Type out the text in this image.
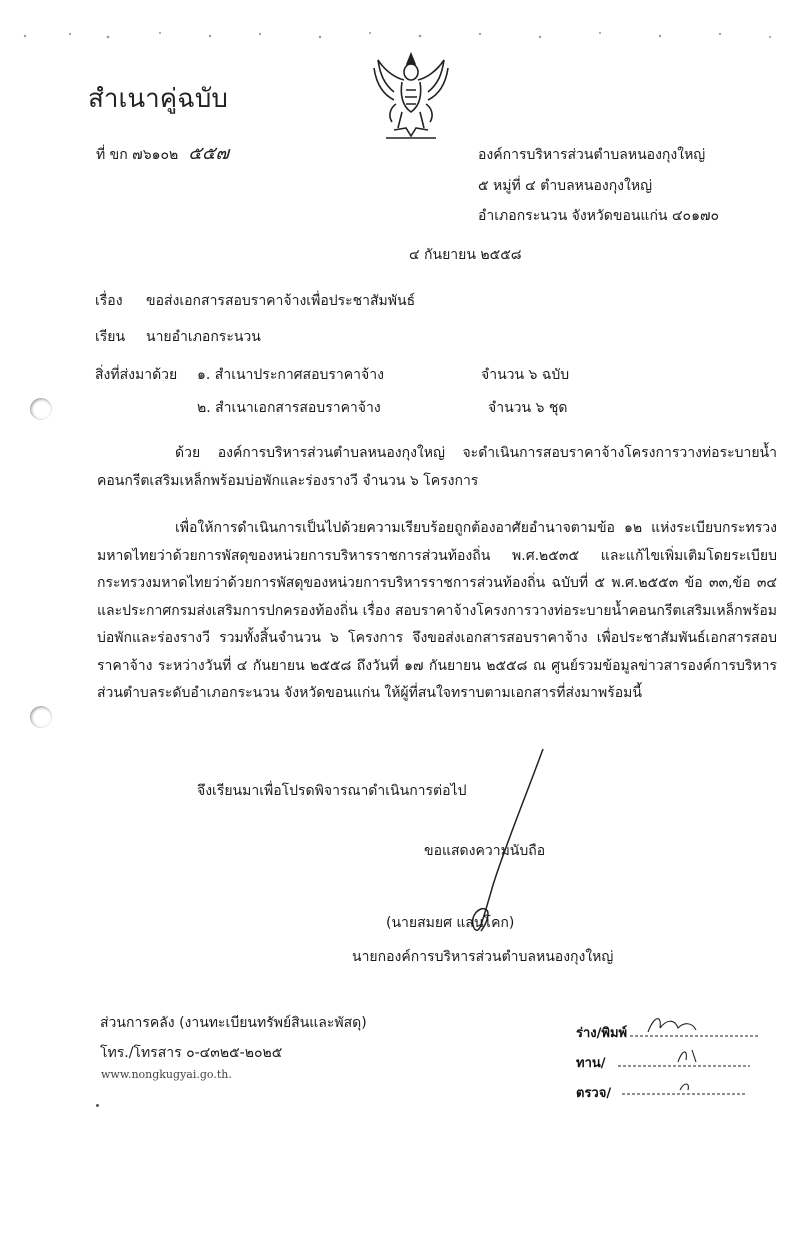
สำเนาคู่ฉบับ
ที่ ขก ๗๖๑๐๒ ๕๕๗	องค์การบริหารส่วนตำบลหนองกุงใหญ่
๕ หมู่ที่ ๔ ตำบลหนองกุงใหญ่
อำเภอกระนวน จังหวัดขอนแก่น ๔๐๑๗๐
๔ กันยายน ๒๕๕๘
เรื่อง ขอส่งเอกสารสอบราคาจ้างเพื่อประชาสัมพันธ์
เรียน นายอำเภอกระนวน
สิ่งที่ส่งมาด้วย ๑. สำเนาประกาศสอบราคาจ้าง	จำนวน ๖ ฉบับ
๒. สำเนาเอกสารสอบราคาจ้าง	จำนวน ๖ ชุด
ด้วย องค์การบริหารส่วนตำบลหนองกุงใหญ่ จะดำเนินการสอบราคาจ้างโครงการวางท่อระบายน้ำคอนกรีตเสริมเหล็กพร้อมบ่อพักและร่องรางวี จำนวน ๖ โครงการ
เพื่อให้การดำเนินการเป็นไปด้วยความเรียบร้อยถูกต้องอาศัยอำนาจตามข้อ ๑๒ แห่งระเบียบกระทรวงมหาดไทยว่าด้วยการพัสดุของหน่วยการบริหารราชการส่วนท้องถิ่น พ.ศ.๒๕๓๕ และแก้ไขเพิ่มเติมโดยระเบียบกระทรวงมหาดไทยว่าด้วยการพัสดุของหน่วยการบริหารราชการส่วนท้องถิ่น ฉบับที่ ๕ พ.ศ.๒๕๕๓ ข้อ ๓๓,ข้อ ๓๔ และประกาศกรมส่งเสริมการปกครองท้องถิ่น เรื่อง สอบราคาจ้างโครงการวางท่อระบายน้ำคอนกรีตเสริมเหล็กพร้อมบ่อพักและร่องรางวี รวมทั้งสิ้นจำนวน ๖ โครงการ จึงขอส่งเอกสารสอบราคาจ้าง เพื่อประชาสัมพันธ์เอกสารสอบราคาจ้าง ระหว่างวันที่ ๔ กันยายน ๒๕๕๘ ถึงวันที่ ๑๗ กันยายน ๒๕๕๘ ณ ศูนย์รวมข้อมูลข่าวสารองค์การบริหารส่วนตำบลระดับอำเภอกระนวน จังหวัดขอนแก่น ให้ผู้ที่สนใจทราบตามเอกสารที่ส่งมาพร้อมนี้
จึงเรียนมาเพื่อโปรดพิจารณาดำเนินการต่อไป
ขอแสดงความนับถือ
(นายสมยศ แสนโคก)
นายกองค์การบริหารส่วนตำบลหนองกุงใหญ่
ส่วนการคลัง (งานทะเบียนทรัพย์สินและพัสดุ)
โทร./โทรสาร ๐-๔๓๒๕-๒๐๒๕
www.nongkugyai.go.th.
ร่าง/พิมพ์
ทาน/
ตรวจ/
